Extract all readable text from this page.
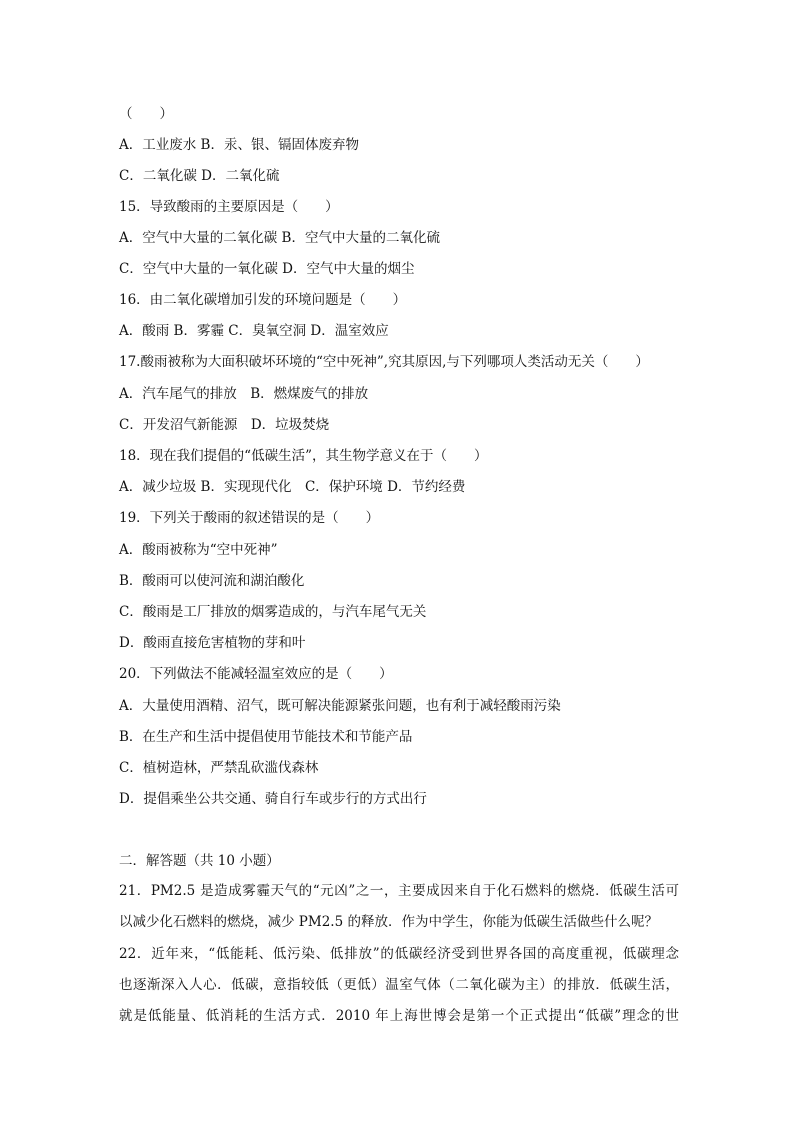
（　　）
A．工业废水 B．汞、银、镉固体废弃物
C．二氧化碳 D．二氧化硫
15．导致酸雨的主要原因是（　　）
A．空气中大量的二氧化碳 B．空气中大量的二氧化硫
C．空气中大量的一氧化碳 D．空气中大量的烟尘
16．由二氧化碳增加引发的环境问题是（　　）
A．酸雨 B．雾霾 C．臭氧空洞 D．温室效应
17.酸雨被称为大面积破坏环境的“空中死神”,究其原因,与下列哪项人类活动无关（　　）
A．汽车尾气的排放　B．燃煤废气的排放
C．开发沼气新能源　D．垃圾焚烧
18．现在我们提倡的“低碳生活”，其生物学意义在于（　　）
A．减少垃圾 B．实现现代化　C．保护环境 D．节约经费
19．下列关于酸雨的叙述错误的是（　　）
A．酸雨被称为“空中死神”
B．酸雨可以使河流和湖泊酸化
C．酸雨是工厂排放的烟雾造成的，与汽车尾气无关
D．酸雨直接危害植物的芽和叶
20．下列做法不能减轻温室效应的是（　　）
A．大量使用酒精、沼气，既可解决能源紧张问题，也有利于减轻酸雨污染
B．在生产和生活中提倡使用节能技术和节能产品
C．植树造林，严禁乱砍滥伐森林
D．提倡乘坐公共交通、骑自行车或步行的方式出行
二．解答题（共 10 小题）
21．PM2.5 是造成雾霾天气的“元凶”之一，主要成因来自于化石燃料的燃烧．低碳生活可
以减少化石燃料的燃烧，减少 PM2.5 的释放．作为中学生，你能为低碳生活做些什么呢？
22．近年来，“低能耗、低污染、低排放”的低碳经济受到世界各国的高度重视，低碳理念
也逐渐深入人心．低碳，意指较低（更低）温室气体（二氧化碳为主）的排放．低碳生活，
就是低能量、低消耗的生活方式．2010 年上海世博会是第一个正式提出“低碳”理念的世
